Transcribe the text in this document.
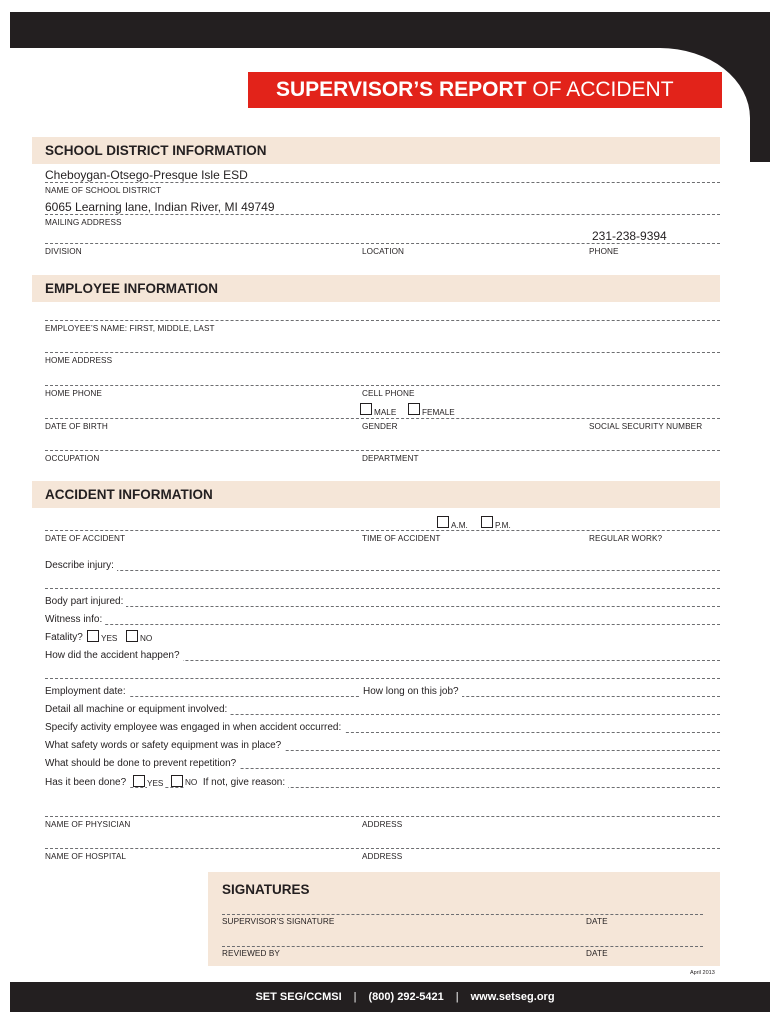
SUPERVISOR’S REPORT OF ACCIDENT
SCHOOL DISTRICT INFORMATION
Cheboygan-Otsego-Presque Isle ESD
NAME OF SCHOOL DISTRICT
6065 Learning lane, Indian River, MI 49749
MAILING ADDRESS
231-238-9394
DIVISION	LOCATION	PHONE
EMPLOYEE INFORMATION
EMPLOYEE’S NAME: FIRST, MIDDLE, LAST
HOME ADDRESS
HOME PHONE	CELL PHONE
MALE	FEMALE
DATE OF BIRTH	GENDER	SOCIAL SECURITY NUMBER
OCCUPATION	DEPARTMENT
ACCIDENT INFORMATION
A.M.	P.M.
DATE OF ACCIDENT	TIME OF ACCIDENT	REGULAR WORK?
Describe injury:
Body part injured:
Witness info:
Fatality?	YES	NO
How did the accident happen?
Employment date:	How long on this job?
Detail all machine or equipment involved:
Specify activity employee was engaged in when accident occurred:
What safety words or safety equipment was in place?
What should be done to prevent repetition?
Has it been done?	YES	NO If not, give reason:
NAME OF PHYSICIAN	ADDRESS
NAME OF HOSPITAL	ADDRESS
SIGNATURES
SUPERVISOR’S SIGNATURE	DATE
REVIEWED BY	DATE
April 2013
SET SEG/CCMSI | (800) 292-5421 | www.setseg.org
